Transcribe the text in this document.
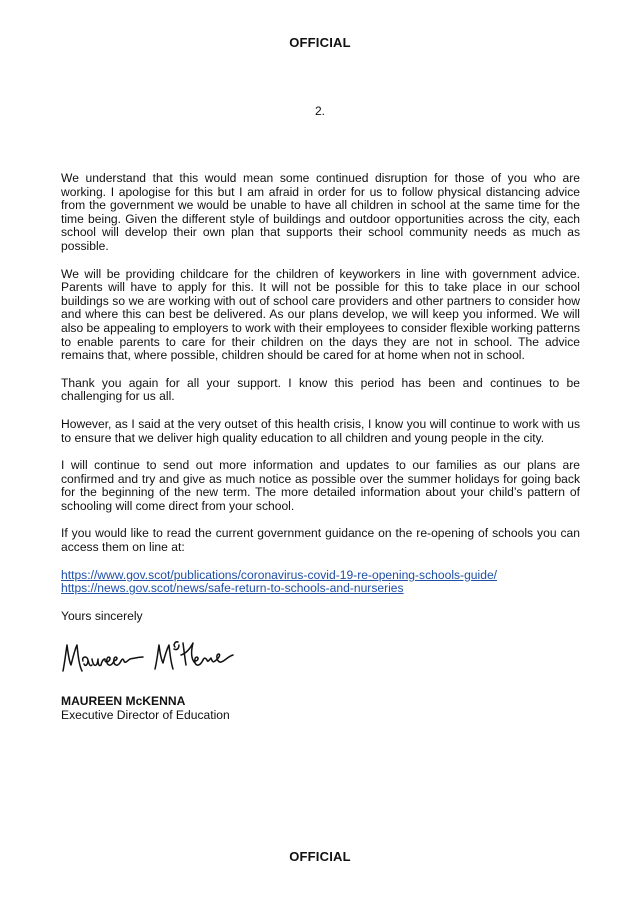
OFFICIAL
2.

We understand that this would mean some continued disruption for those of you who are working. I apologise for this but I am afraid in order for us to follow physical distancing advice from the government we would be unable to have all children in school at the same time for the time being. Given the different style of buildings and outdoor opportunities across the city, each school will develop their own plan that supports their school community needs as much as possible.

We will be providing childcare for the children of keyworkers in line with government advice. Parents will have to apply for this. It will not be possible for this to take place in our school buildings so we are working with out of school care providers and other partners to consider how and where this can best be delivered. As our plans develop, we will keep you informed. We will also be appealing to employers to work with their employees to consider flexible working patterns to enable parents to care for their children on the days they are not in school. The advice remains that, where possible, children should be cared for at home when not in school.

Thank you again for all your support. I know this period has been and continues to be challenging for us all.

However, as I said at the very outset of this health crisis, I know you will continue to work with us to ensure that we deliver high quality education to all children and young people in the city.

I will continue to send out more information and updates to our families as our plans are confirmed and try and give as much notice as possible over the summer holidays for going back for the beginning of the new term. The more detailed information about your child’s pattern of schooling will come direct from your school.

If you would like to read the current government guidance on the re-opening of schools you can access them on line at:

https://www.gov.scot/publications/coronavirus-covid-19-re-opening-schools-guide/
https://news.gov.scot/news/safe-return-to-schools-and-nurseries

Yours sincerely

MAUREEN McKENNA
Executive Director of Education
OFFICIAL
